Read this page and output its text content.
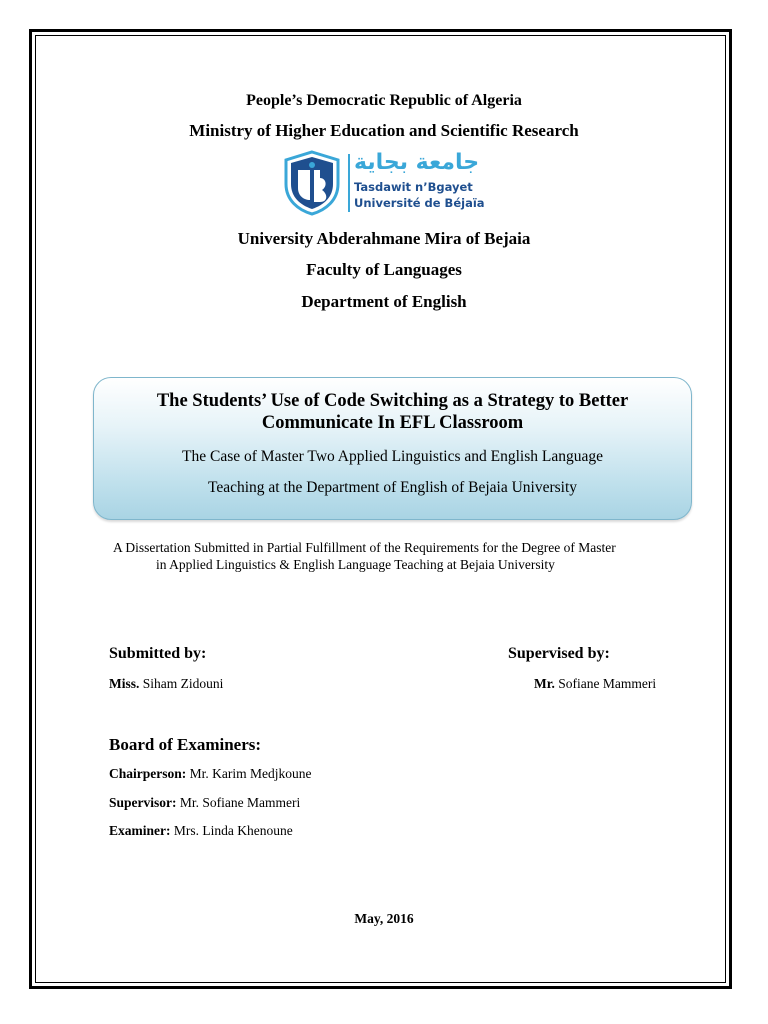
People’s Democratic Republic of Algeria
Ministry of Higher Education and Scientific Research
جامعة بجاية
Tasdawit n’Bgayet
Université de Béjaïa
University Abderahmane Mira of Bejaia
Faculty of Languages
Department of English
The Students’ Use of Code Switching as a Strategy to Better
Communicate In EFL Classroom
The Case of Master Two Applied Linguistics and English Language
Teaching at the Department of English of Bejaia University
A Dissertation Submitted in Partial Fulfillment of the Requirements for the Degree of Master
in Applied Linguistics & English Language Teaching at Bejaia University
Submitted by:
Miss. Siham Zidouni
Supervised by:
Mr. Sofiane Mammeri
Board of Examiners:
Chairperson: Mr. Karim Medjkoune
Supervisor: Mr. Sofiane Mammeri
Examiner: Mrs. Linda Khenoune
May, 2016
